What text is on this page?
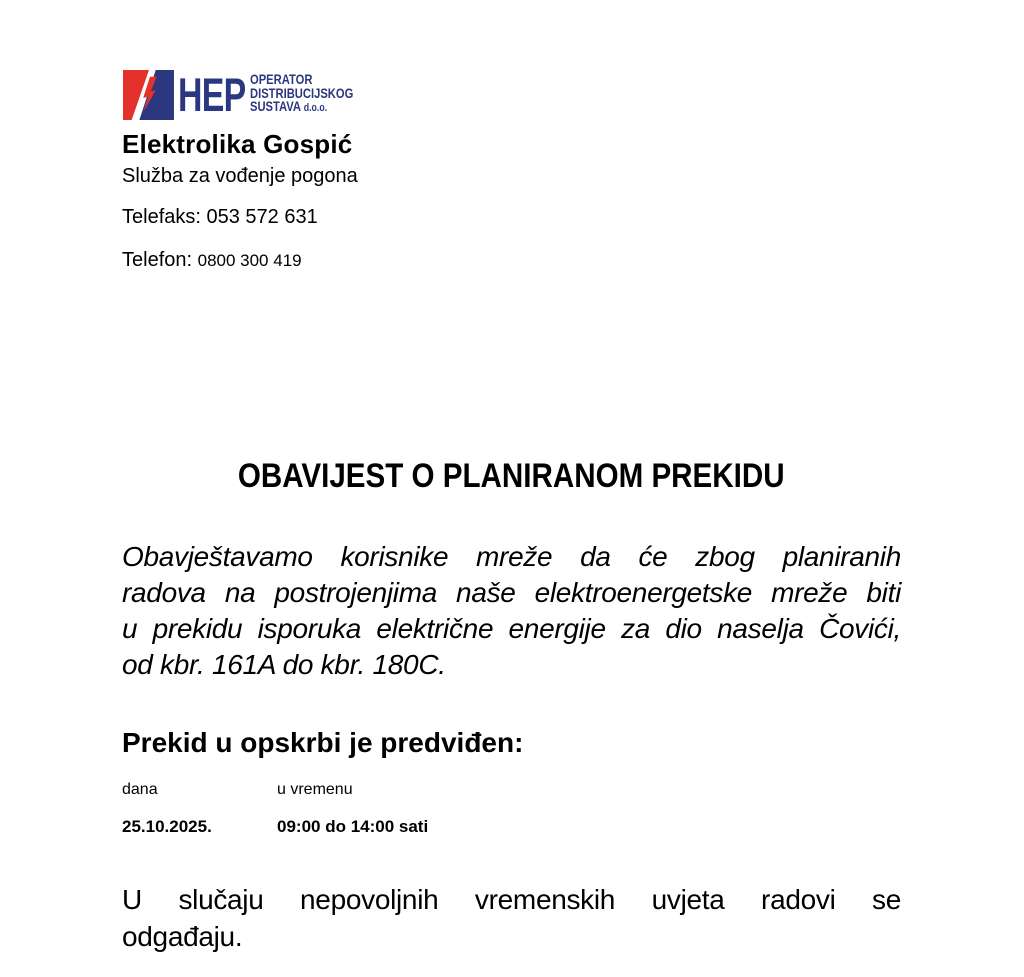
HEP OPERATOR
DISTRIBUCIJSKOG
SUSTAVA d.o.o.
Elektrolika Gospić
Služba za vođenje pogona
Telefaks: 053 572 631
Telefon: 0800 300 419
OBAVIJEST O PLANIRANOM PREKIDU
Obavještavamo korisnike mreže da će zbog planiranih
radova na postrojenjima naše elektroenergetske mreže biti
u prekidu isporuka električne energije za dio naselja Čovići,
od kbr. 161A do kbr. 180C.
Prekid u opskrbi je predviđen:
dana	u vremenu
25.10.2025.	09:00 do 14:00 sati
U slučaju nepovoljnih vremenskih uvjeta radovi se
odgađaju.
